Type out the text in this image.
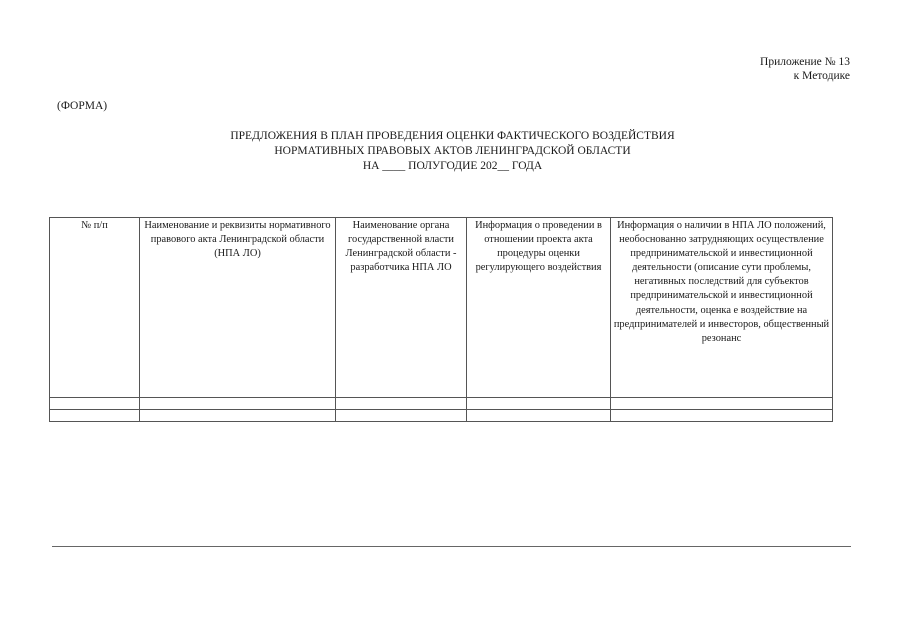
Приложение № 13
к Методике
(ФОРМА)
ПРЕДЛОЖЕНИЯ В ПЛАН ПРОВЕДЕНИЯ ОЦЕНКИ ФАКТИЧЕСКОГО ВОЗДЕЙСТВИЯ
НОРМАТИВНЫХ ПРАВОВЫХ АКТОВ ЛЕНИНГРАДСКОЙ ОБЛАСТИ
НА ____ ПОЛУГОДИЕ 202__ ГОДА
№ п/п	Наименование и реквизиты нормативного правового акта Ленинградской области (НПА ЛО)	Наименование органа государственной власти Ленинградской области - разработчика НПА ЛО	Информация о проведении в отношении проекта акта процедуры оценки регулирующего воздействия	Информация о наличии в НПА ЛО положений, необоснованно затрудняющих осуществление предпринимательской и инвестиционной деятельности (описание сути проблемы, негативных последствий для субъектов предпринимательской и инвестиционной деятельности, оценка е воздействие на предпринимателей и инвесторов, общественный резонанс
